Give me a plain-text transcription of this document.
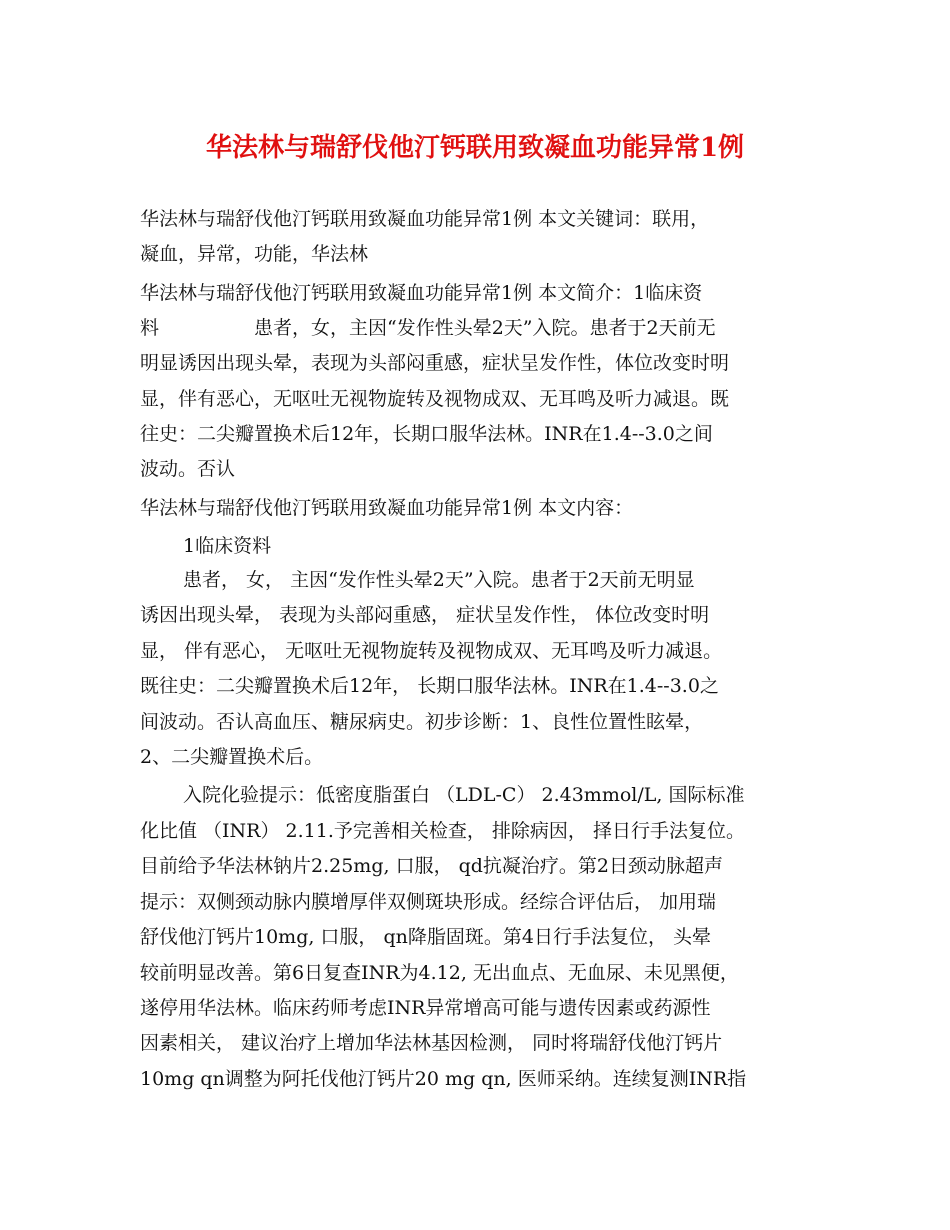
华法林与瑞舒伐他汀钙联用致凝血功能异常1例
华法林与瑞舒伐他汀钙联用致凝血功能异常1例 本文关键词：联用，
凝血，异常，功能，华法林
华法林与瑞舒伐他汀钙联用致凝血功能异常1例 本文简介：1临床资
料　　　　　患者，女，主因“发作性头晕2天”入院。患者于2天前无
明显诱因出现头晕，表现为头部闷重感，症状呈发作性，体位改变时明
显，伴有恶心，无呕吐无视物旋转及视物成双、无耳鸣及听力减退。既
往史：二尖瓣置换术后12年，长期口服华法林。INR在1.4--3.0之间
波动。否认
华法林与瑞舒伐他汀钙联用致凝血功能异常1例 本文内容：
1临床资料
患者， 女， 主因“发作性头晕2天”入院。患者于2天前无明显
诱因出现头晕， 表现为头部闷重感， 症状呈发作性， 体位改变时明
显， 伴有恶心， 无呕吐无视物旋转及视物成双、无耳鸣及听力减退。
既往史：二尖瓣置换术后12年， 长期口服华法林。INR在1.4--3.0之
间波动。否认高血压、糖尿病史。初步诊断：1、良性位置性眩晕，
2、二尖瓣置换术后。
入院化验提示：低密度脂蛋白 （LDL-C） 2.43mmol/L, 国际标准
化比值 （INR） 2.11.予完善相关检查， 排除病因， 择日行手法复位。
目前给予华法林钠片2.25mg, 口服， qd抗凝治疗。第2日颈动脉超声
提示：双侧颈动脉内膜增厚伴双侧斑块形成。经综合评估后， 加用瑞
舒伐他汀钙片10mg, 口服， qn降脂固斑。第4日行手法复位， 头晕
较前明显改善。第6日复查INR为4.12, 无出血点、无血尿、未见黑便，
遂停用华法林。临床药师考虑INR异常增高可能与遗传因素或药源性
因素相关， 建议治疗上增加华法林基因检测， 同时将瑞舒伐他汀钙片
10mg qn调整为阿托伐他汀钙片20 mg qn, 医师采纳。连续复测INR指
